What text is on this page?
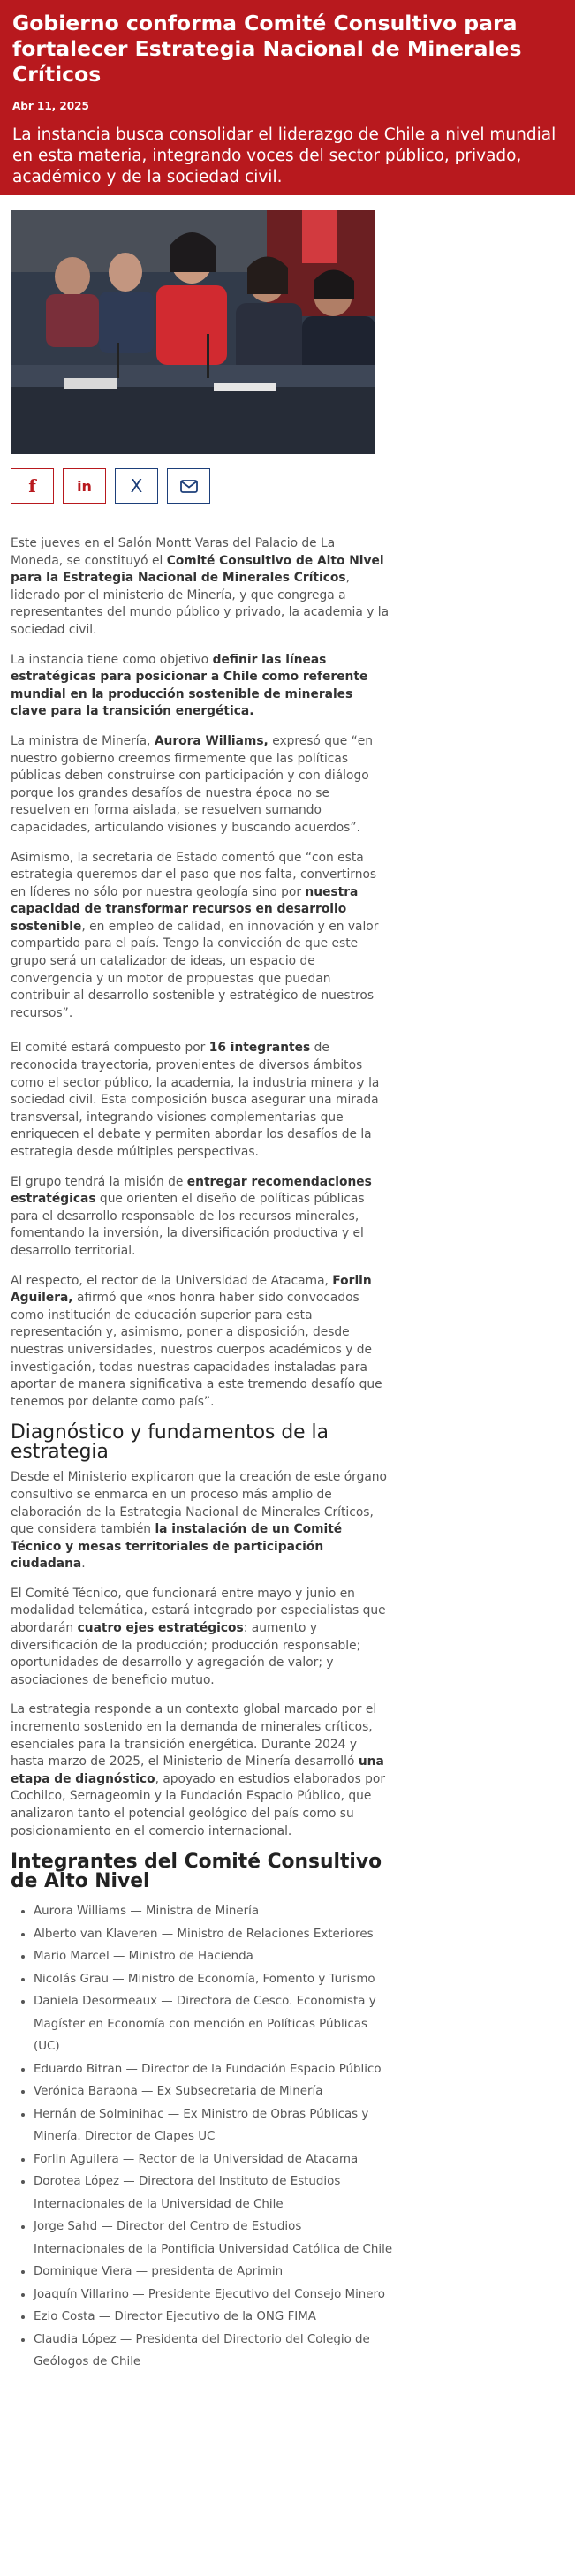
Gobierno conforma Comité Consultivo para fortalecer Estrategia Nacional de Minerales Críticos
Abr 11, 2025

La instancia busca consolidar el liderazgo de Chile a nivel mundial en esta materia, integrando voces del sector público, privado, académico y de la sociedad civil.

f	in X

Este jueves en el Salón Montt Varas del Palacio de La Moneda, se constituyó el Comité Consultivo de Alto Nivel para la Estrategia Nacional de Minerales Críticos, liderado por el ministerio de Minería, y que congrega a representantes del mundo público y privado, la academia y la sociedad civil.

La instancia tiene como objetivo definir las líneas estratégicas para posicionar a Chile como referente mundial en la producción sostenible de minerales clave para la transición energética.

La ministra de Minería, Aurora Williams, expresó que “en nuestro gobierno creemos firmemente que las políticas públicas deben construirse con participación y con diálogo porque los grandes desafíos de nuestra época no se resuelven en forma aislada, se resuelven sumando capacidades, articulando visiones y buscando acuerdos”.

Asimismo, la secretaria de Estado comentó que “con esta estrategia queremos dar el paso que nos falta, convertirnos en líderes no sólo por nuestra geología sino por nuestra capacidad de transformar recursos en desarrollo sostenible, en empleo de calidad, en innovación y en valor compartido para el país. Tengo la convicción de que este grupo será un catalizador de ideas, un espacio de convergencia y un motor de propuestas que puedan contribuir al desarrollo sostenible y estratégico de nuestros recursos”.

El comité estará compuesto por 16 integrantes de reconocida trayectoria, provenientes de diversos ámbitos como el sector público, la academia, la industria minera y la sociedad civil. Esta composición busca asegurar una mirada transversal, integrando visiones complementarias que enriquecen el debate y permiten abordar los desafíos de la estrategia desde múltiples perspectivas.

El grupo tendrá la misión de entregar recomendaciones estratégicas que orienten el diseño de políticas públicas para el desarrollo responsable de los recursos minerales, fomentando la inversión, la diversificación productiva y el desarrollo territorial.

Al respecto, el rector de la Universidad de Atacama, Forlin Aguilera, afirmó que «nos honra haber sido convocados como institución de educación superior para esta representación y, asimismo, poner a disposición, desde nuestras universidades, nuestros cuerpos académicos y de investigación, todas nuestras capacidades instaladas para aportar de manera significativa a este tremendo desafío que tenemos por delante como país”.

Diagnóstico y fundamentos de la estrategia

Desde el Ministerio explicaron que la creación de este órgano consultivo se enmarca en un proceso más amplio de elaboración de la Estrategia Nacional de Minerales Críticos, que considera también la instalación de un Comité Técnico y mesas territoriales de participación ciudadana.

El Comité Técnico, que funcionará entre mayo y junio en modalidad telemática, estará integrado por especialistas que abordarán cuatro ejes estratégicos: aumento y diversificación de la producción; producción responsable; oportunidades de desarrollo y agregación de valor; y asociaciones de beneficio mutuo.

La estrategia responde a un contexto global marcado por el incremento sostenido en la demanda de minerales críticos, esenciales para la transición energética. Durante 2024 y hasta marzo de 2025, el Ministerio de Minería desarrolló una etapa de diagnóstico, apoyado en estudios elaborados por Cochilco, Sernageomin y la Fundación Espacio Público, que analizaron tanto el potencial geológico del país como su posicionamiento en el comercio internacional.

Integrantes del Comité Consultivo de Alto Nivel
• Aurora Williams — Ministra de Minería
• Alberto van Klaveren — Ministro de Relaciones Exteriores
• Mario Marcel — Ministro de Hacienda
• Nicolás Grau — Ministro de Economía, Fomento y Turismo
• Daniela Desormeaux — Directora de Cesco. Economista y Magíster en Economía con mención en Políticas Públicas (UC)
• Eduardo Bitran — Director de la Fundación Espacio Público
• Verónica Baraona — Ex Subsecretaria de Minería
• Hernán de Solminihac — Ex Ministro de Obras Públicas y Minería. Director de Clapes UC
• Forlin Aguilera — Rector de la Universidad de Atacama
• Dorotea López — Directora del Instituto de Estudios Internacionales de la Universidad de Chile
• Jorge Sahd — Director del Centro de Estudios Internacionales de la Pontificia Universidad Católica de Chile
• Dominique Viera — presidenta de Aprimin
• Joaquín Villarino — Presidente Ejecutivo del Consejo Minero
• Ezio Costa — Director Ejecutivo de la ONG FIMA
• Claudia López — Presidenta del Directorio del Colegio de Geólogos de Chile
